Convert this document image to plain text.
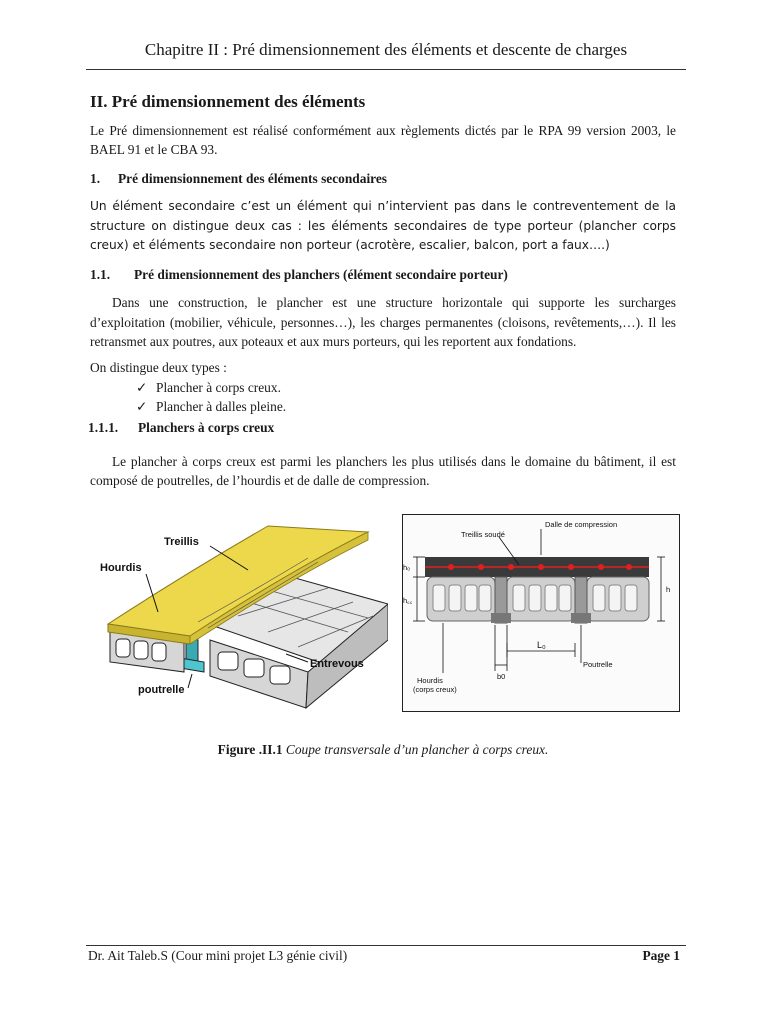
Chapitre II : Pré dimensionnement des éléments et descente de charges
II. Pré dimensionnement des éléments

Le Pré dimensionnement est réalisé conformément aux règlements dictés par le RPA 99 version 2003, le BAEL 91 et le CBA 93.

1. Pré dimensionnement des éléments secondaires

Un élément secondaire c’est un élément qui n’intervient pas dans le contreventement de la structure on distingue deux cas : les éléments secondaires de type porteur (plancher corps creux) et éléments secondaire non porteur (acrotère, escalier, balcon, port a faux….)

1.1. Pré dimensionnement des planchers (élément secondaire porteur)

Dans une construction, le plancher est une structure horizontale qui supporte les surcharges d’exploitation (mobilier, véhicule, personnes…), les charges permanentes (cloisons, revêtements,…). Il les retransmet aux poutres, aux poteaux et aux murs porteurs, qui les reportent aux fondations.

On distingue deux types :
✓ Plancher à corps creux.
✓ Plancher à dalles pleine.
1.1.1. Planchers à corps creux

Le plancher à corps creux est parmi les planchers les plus utilisés dans le domaine du bâtiment, il est composé de poutrelles, de l’hourdis et de dalle de compression.

Treillis
Hourdis
Entrevous
poutrelle
Treillis soudé
Dalle de compression
h₀
h꜀꜀
h
L₀
b0
Poutrelle
Hourdis
(corps creux)
Figure .II.1 Coupe transversale d’un plancher à corps creux.
Dr. Ait Taleb.S (Cour mini projet L3 génie civil)	Page 1
